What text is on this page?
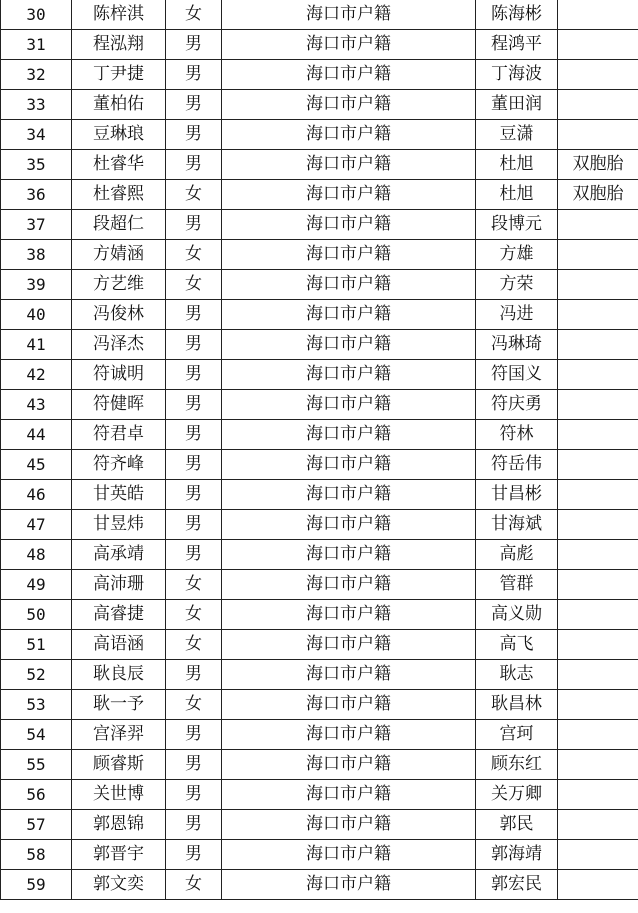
30	陈梓淇	女	海口市户籍	陈海彬	
31	程泓翔	男	海口市户籍	程鸿平	
32	丁尹捷	男	海口市户籍	丁海波	
33	董柏佑	男	海口市户籍	董田润	
34	豆琳琅	男	海口市户籍	豆潇	
35	杜睿华	男	海口市户籍	杜旭	双胞胎
36	杜睿熙	女	海口市户籍	杜旭	双胞胎
37	段超仁	男	海口市户籍	段博元	
38	方婧涵	女	海口市户籍	方雄	
39	方艺维	女	海口市户籍	方荣	
40	冯俊林	男	海口市户籍	冯进	
41	冯泽杰	男	海口市户籍	冯琳琦	
42	符诚明	男	海口市户籍	符国义	
43	符健晖	男	海口市户籍	符庆勇	
44	符君卓	男	海口市户籍	符林	
45	符齐峰	男	海口市户籍	符岳伟	
46	甘英皓	男	海口市户籍	甘昌彬	
47	甘昱炜	男	海口市户籍	甘海斌	
48	高承靖	男	海口市户籍	高彪	
49	高沛珊	女	海口市户籍	管群	
50	高睿捷	女	海口市户籍	高义勋	
51	高语涵	女	海口市户籍	高飞	
52	耿良辰	男	海口市户籍	耿志	
53	耿一予	女	海口市户籍	耿昌林	
54	宫泽羿	男	海口市户籍	宫珂	
55	顾睿斯	男	海口市户籍	顾东红	
56	关世博	男	海口市户籍	关万卿	
57	郭恩锦	男	海口市户籍	郭民	
58	郭晋宇	男	海口市户籍	郭海靖	
59	郭文奕	女	海口市户籍	郭宏民	
